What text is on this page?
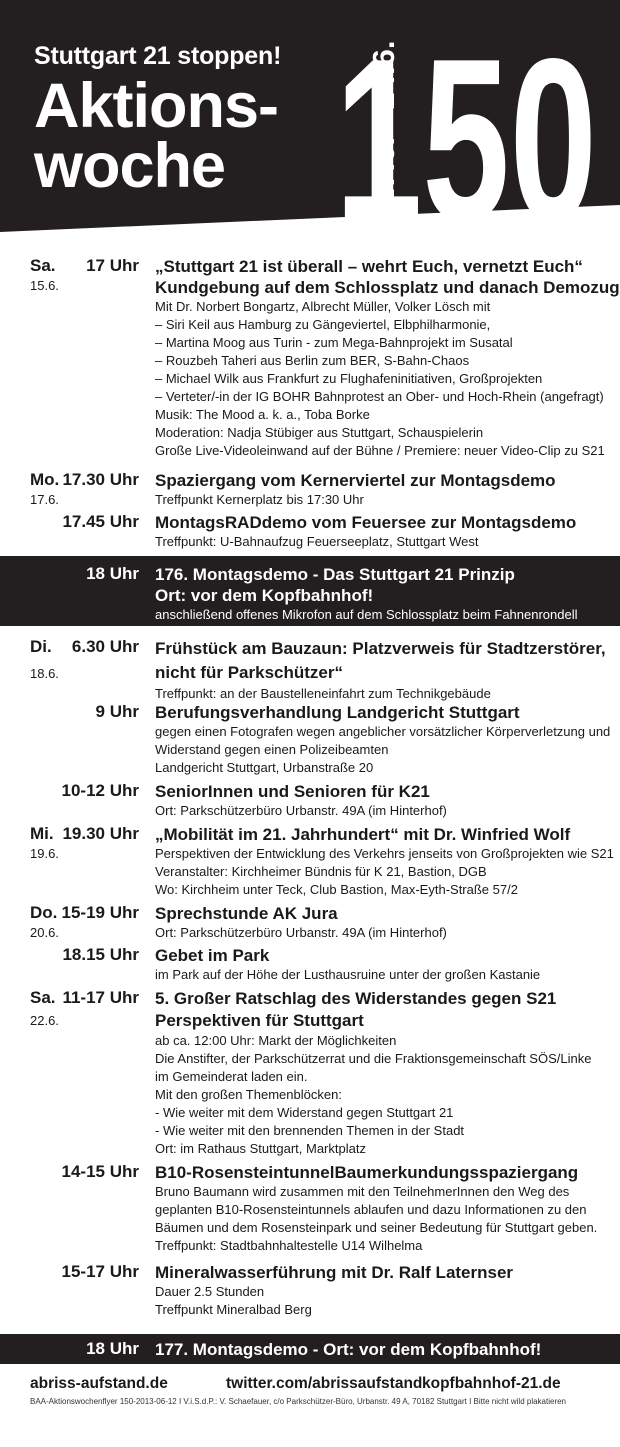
Stuttgart 21 stoppen!
Aktions-
woche	17.6. - 24.6.
150
Sa. 17 Uhr
15.6.
„Stuttgart 21 ist überall – wehrt Euch, vernetzt Euch“
Kundgebung auf dem Schlossplatz und danach Demozug
Mit Dr. Norbert Bongartz, Albrecht Müller, Volker Lösch mit
– Siri Keil aus Hamburg zu Gängeviertel, Elbphilharmonie,
– Martina Moog aus Turin - zum Mega-Bahnprojekt im Susatal
– Rouzbeh Taheri aus Berlin zum BER, S-Bahn-Chaos
– Michael Wilk aus Frankfurt zu Flughafeninitiativen, Großprojekten
– Verteter/-in der IG BOHR Bahnprotest an Ober- und Hoch-Rhein (angefragt)
Musik: The Mood a. k. a., Toba Borke
Moderation: Nadja Stübiger aus Stuttgart, Schauspielerin
Große Live-Videoleinwand auf der Bühne / Premiere: neuer Video-Clip zu S21
Mo. 17.30 Uhr
17.6.
Spaziergang vom Kernerviertel zur Montagsdemo
Treffpunkt Kernerplatz bis 17:30 Uhr
17.45 Uhr MontagsRADdemo vom Feuersee zur Montagsdemo
Treffpunkt: U-Bahnaufzug Feuerseeplatz, Stuttgart West
18 Uhr 176. Montagsdemo - Das Stuttgart 21 Prinzip
Ort: vor dem Kopfbahnhof!
anschließend offenes Mikrofon auf dem Schlossplatz beim Fahnenrondell
Di. 6.30 Uhr
18.6.
Frühstück am Bauzaun: Platzverweis für Stadtzerstörer,
nicht für Parkschützer“
Treffpunkt: an der Baustelleneinfahrt zum Technikgebäude
9 Uhr Berufungsverhandlung Landgericht Stuttgart
gegen einen Fotografen wegen angeblicher vorsätzlicher Körperverletzung und
Widerstand gegen einen Polizeibeamten
Landgericht Stuttgart, Urbanstraße 20
10-12 Uhr SeniorInnen und Senioren für K21
Ort: Parkschützerbüro Urbanstr. 49A (im Hinterhof)
Mi. 19.30 Uhr
19.6.
„Mobilität im 21. Jahrhundert“ mit Dr. Winfried Wolf
Perspektiven der Entwicklung des Verkehrs jenseits von Großprojekten wie S21
Veranstalter: Kirchheimer Bündnis für K 21, Bastion, DGB
Wo: Kirchheim unter Teck, Club Bastion, Max-Eyth-Straße 57/2
Do. 15-19 Uhr
20.6.
Sprechstunde AK Jura
Ort: Parkschützerbüro Urbanstr. 49A (im Hinterhof)
18.15 Uhr Gebet im Park
im Park auf der Höhe der Lusthausruine unter der großen Kastanie
Sa. 11-17 Uhr
22.6.
5. Großer Ratschlag des Widerstandes gegen S21
Perspektiven für Stuttgart
ab ca. 12:00 Uhr: Markt der Möglichkeiten
Die Anstifter, der Parkschützerrat und die Fraktionsgemeinschaft SÖS/Linke
im Gemeinderat laden ein.
Mit den großen Themenblöcken:
- Wie weiter mit dem Widerstand gegen Stuttgart 21
- Wie weiter mit den brennenden Themen in der Stadt
Ort: im Rathaus Stuttgart, Marktplatz
14-15 Uhr B10-RosensteintunnelBaumerkundungsspaziergang
Bruno Baumann wird zusammen mit den TeilnehmerInnen den Weg des
geplanten B10-Rosensteintunnels ablaufen und dazu Informationen zu den
Bäumen und dem Rosensteinpark und seiner Bedeutung für Stuttgart geben.
Treffpunkt: Stadtbahnhaltestelle U14 Wilhelma
15-17 Uhr Mineralwasserführung mit Dr. Ralf Laternser
Dauer 2.5 Stunden
Treffpunkt Mineralbad Berg
18 Uhr 177. Montagsdemo - Ort: vor dem Kopfbahnhof!
abriss-aufstand.de	twitter.com/abrissaufstand kopfbahnhof-21.de
BAA-Aktionswochenflyer 150-2013-06-12 I V.i.S.d.P.: V. Schaefauer, c/o Parkschützer-Büro, Urbanstr. 49 A, 70182 Stuttgart I Bitte nicht wild plakatieren
